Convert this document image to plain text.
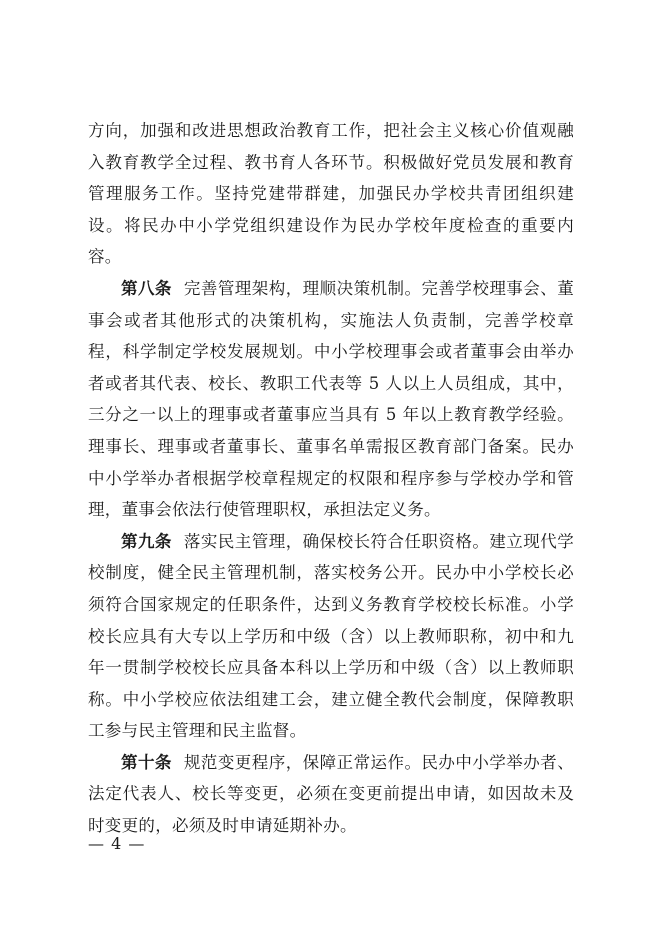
方向，加强和改进思想政治教育工作，把社会主义核心价值观融入教育教学全过程、教书育人各环节。积极做好党员发展和教育管理服务工作。坚持党建带群建，加强民办学校共青团组织建设。将民办中小学党组织建设作为民办学校年度检查的重要内容。

第八条 完善管理架构，理顺决策机制。完善学校理事会、董事会或者其他形式的决策机构，实施法人负责制，完善学校章程，科学制定学校发展规划。中小学校理事会或者董事会由举办者或者其代表、校长、教职工代表等 5 人以上人员组成，其中，三分之一以上的理事或者董事应当具有 5 年以上教育教学经验。理事长、理事或者董事长、董事名单需报区教育部门备案。民办中小学举办者根据学校章程规定的权限和程序参与学校办学和管理，董事会依法行使管理职权，承担法定义务。

第九条 落实民主管理，确保校长符合任职资格。建立现代学校制度，健全民主管理机制，落实校务公开。民办中小学校长必须符合国家规定的任职条件，达到义务教育学校校长标准。小学校长应具有大专以上学历和中级（含）以上教师职称，初中和九年一贯制学校校长应具备本科以上学历和中级（含）以上教师职称。中小学校应依法组建工会，建立健全教代会制度，保障教职工参与民主管理和民主监督。

第十条 规范变更程序，保障正常运作。民办中小学举办者、法定代表人、校长等变更，必须在变更前提出申请，如因故未及时变更的，必须及时申请延期补办。

— 4 —
